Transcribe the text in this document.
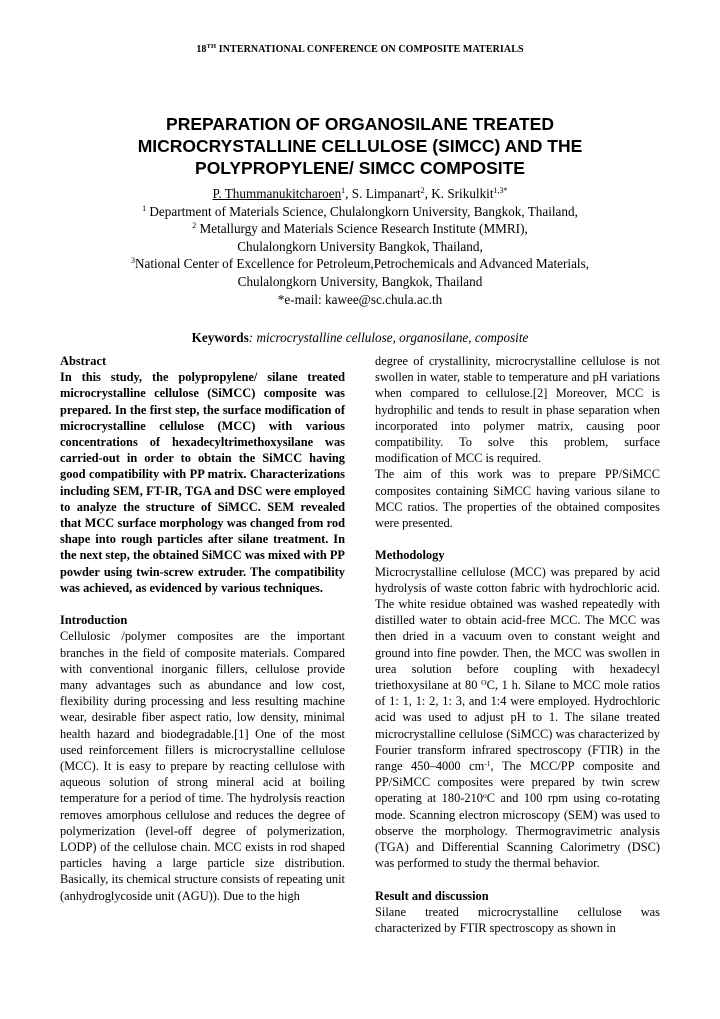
18TH INTERNATIONAL CONFERENCE ON COMPOSITE MATERIALS
PREPARATION OF ORGANOSILANE TREATED
MICROCRYSTALLINE CELLULOSE (SIMCC) AND THE
POLYPROPYLENE/ SIMCC COMPOSITE
P. Thummanukitcharoen$^1$, S. Limpanart$^2$, K. Srikulkit$^{1,3*}$
$^1$ Department of Materials Science, Chulalongkorn University, Bangkok, Thailand,
$^2$ Metallurgy and Materials Science Research Institute (MMRI),
Chulalongkorn University Bangkok, Thailand,
$^3$National Center of Excellence for Petroleum,Petrochemicals and Advanced Materials,
Chulalongkorn University, Bangkok, Thailand
*e-mail: kawee@sc.chula.ac.th
Keywords: microcrystalline cellulose, organosilane, composite

Abstract

In this study, the polypropylene/ silane treated microcrystalline cellulose (SiMCC) composite was prepared. In the first step, the surface modification of microcrystalline cellulose (MCC) with various concentrations of hexadecyltrimethoxysilane was carried-out in order to obtain the SiMCC having good compatibility with PP matrix. Characterizations including SEM, FT-IR, TGA and DSC were employed to analyze the structure of SiMCC. SEM revealed that MCC surface morphology was changed from rod shape into rough particles after silane treatment. In the next step, the obtained SiMCC was mixed with PP powder using twin-screw extruder. The compatibility was achieved, as evidenced by various techniques.

Introduction

Cellulosic /polymer composites are the important branches in the field of composite materials. Compared with conventional inorganic fillers, cellulose provide many advantages such as abundance and low cost, flexibility during processing and less resulting machine wear, desirable fiber aspect ratio, low density, minimal health hazard and biodegradable.[1] One of the most used reinforcement fillers is microcrystalline cellulose (MCC). It is easy to prepare by reacting cellulose with aqueous solution of strong mineral acid at boiling temperature for a period of time. The hydrolysis reaction removes amorphous cellulose and reduces the degree of polymerization (level-off degree of polymerization, LODP) of the cellulose chain. MCC exists in rod shaped particles having a large particle size distribution. Basically, its chemical structure consists of repeating unit (anhydroglycoside unit (AGU)). Due to the high

degree of crystallinity, microcrystalline cellulose is not swollen in water, stable to temperature and pH variations when compared to cellulose.[2] Moreover, MCC is hydrophilic and tends to result in phase separation when incorporated into polymer matrix, causing poor compatibility. To solve this problem, surface modification of MCC is required.

The aim of this work was to prepare PP/SiMCC composites containing SiMCC having various silane to MCC ratios. The properties of the obtained composites were presented.

Methodology

Microcrystalline cellulose (MCC) was prepared by acid hydrolysis of waste cotton fabric with hydrochloric acid. The white residue obtained was washed repeatedly with distilled water to obtain acid-free MCC. The MCC was then dried in a vacuum oven to constant weight and ground into fine powder. Then, the MCC was swollen in urea solution before coupling with hexadecyl triethoxysilane at 80 $^O$C, 1 h. Silane to MCC mole ratios of 1: 1, 1: 2, 1: 3, and 1:4 were employed. Hydrochloric acid was used to adjust pH to 1. The silane treated microcrystalline cellulose (SiMCC) was characterized by Fourier transform infrared spectroscopy (FTIR) in the range 450–4000 $cm^{-1}$, The MCC/PP composite and PP/SiMCC composites were prepared by twin screw operating at 180-210$^o$C and 100 rpm using co-rotating mode. Scanning electron microscopy (SEM) was used to observe the morphology. Thermogravimetric analysis (TGA) and Differential Scanning Calorimetry (DSC) was performed to study the thermal behavior.

Result and discussion

Silane treated microcrystalline cellulose was characterized by FTIR spectroscopy as shown in
